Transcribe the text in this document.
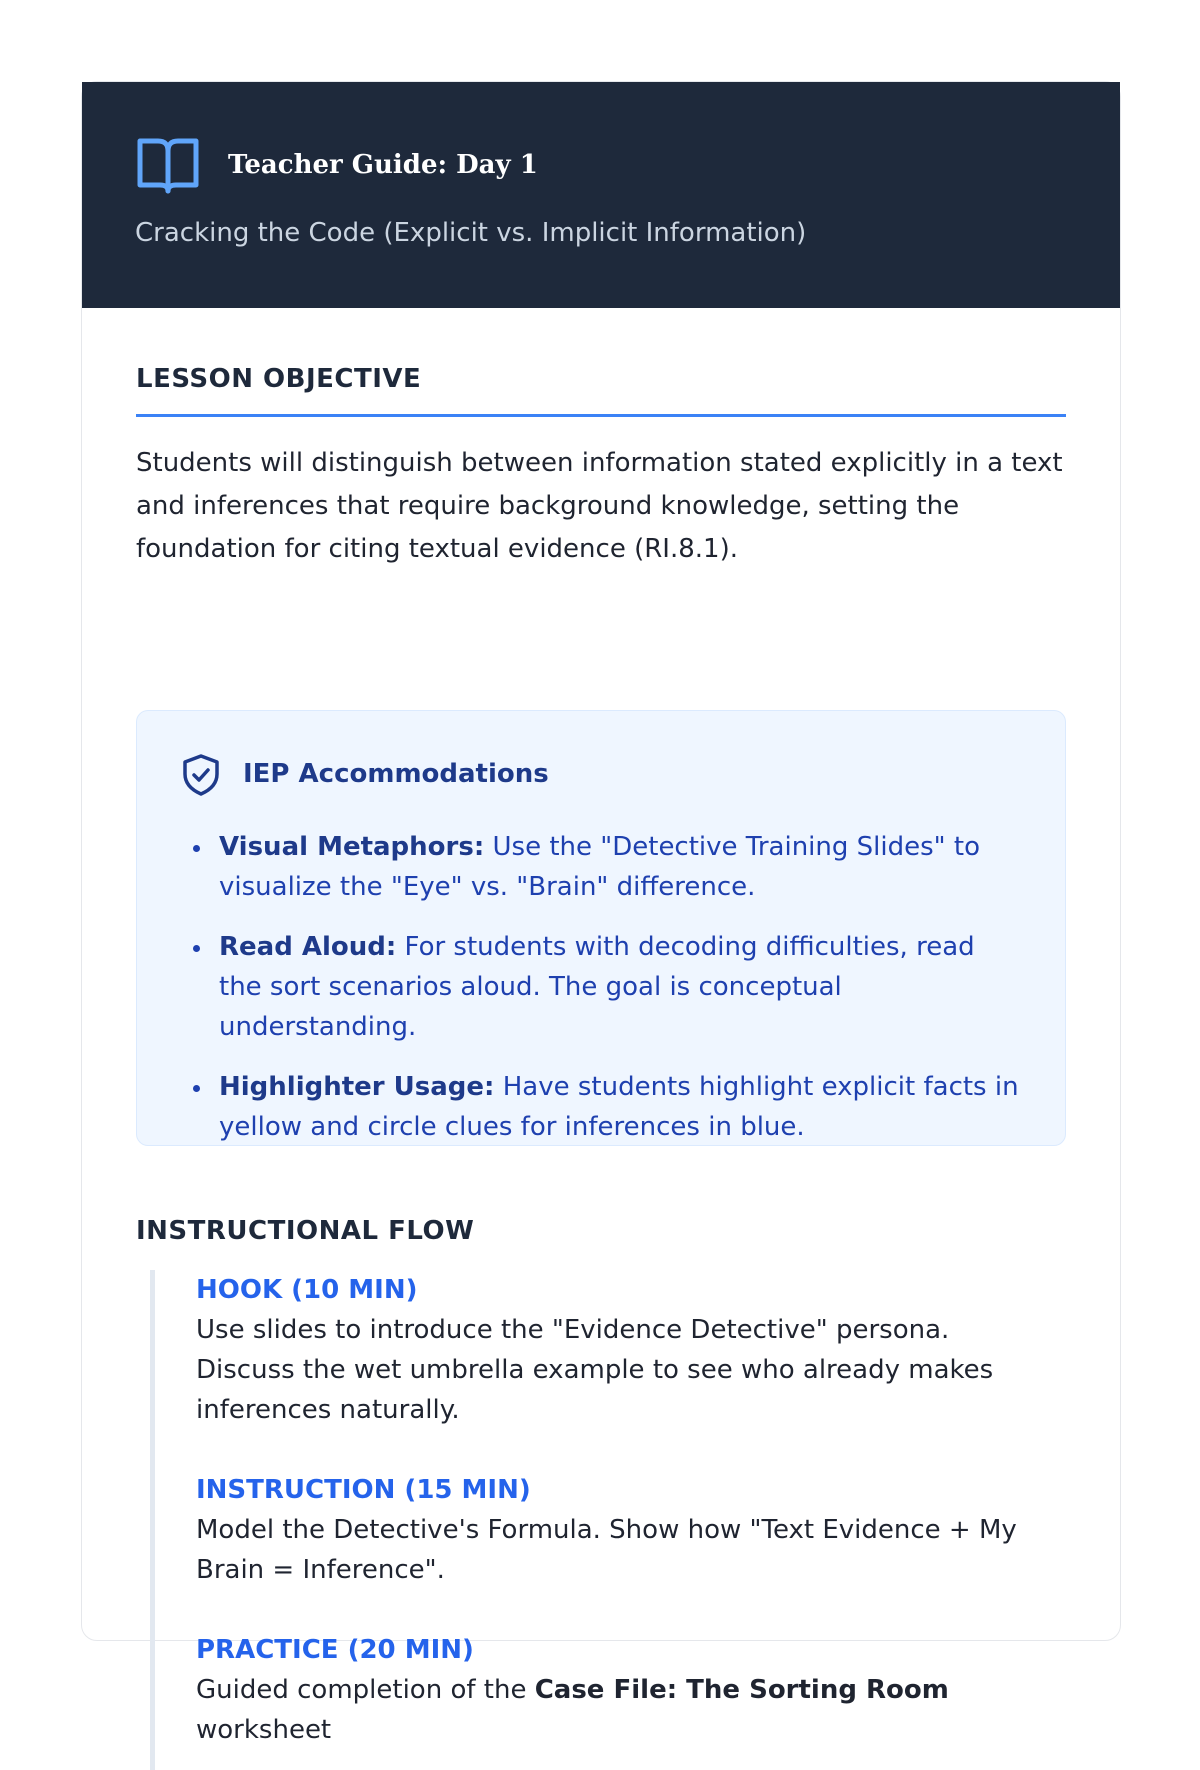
Teacher Guide: Day 1
Cracking the Code (Explicit vs. Implicit Information)
LESSON OBJECTIVE
Students will distinguish between information stated explicitly in a text and inferences that require background knowledge, setting the foundation for citing textual evidence (RI.8.1).
IEP Accommodations
Visual Metaphors: Use the "Detective Training Slides" to visualize the "Eye" vs. "Brain" difference.
Read Aloud: For students with decoding difficulties, read the sort scenarios aloud. The goal is conceptual understanding.
Highlighter Usage: Have students highlight explicit facts in yellow and circle clues for inferences in blue.
INSTRUCTIONAL FLOW
HOOK (10 MIN)
Use slides to introduce the "Evidence Detective" persona. Discuss the wet umbrella example to see who already makes inferences naturally.
INSTRUCTION (15 MIN)
Model the Detective's Formula. Show how "Text Evidence + My Brain = Inference".
PRACTICE (20 MIN)
Guided completion of the Case File: The Sorting Room worksheet
